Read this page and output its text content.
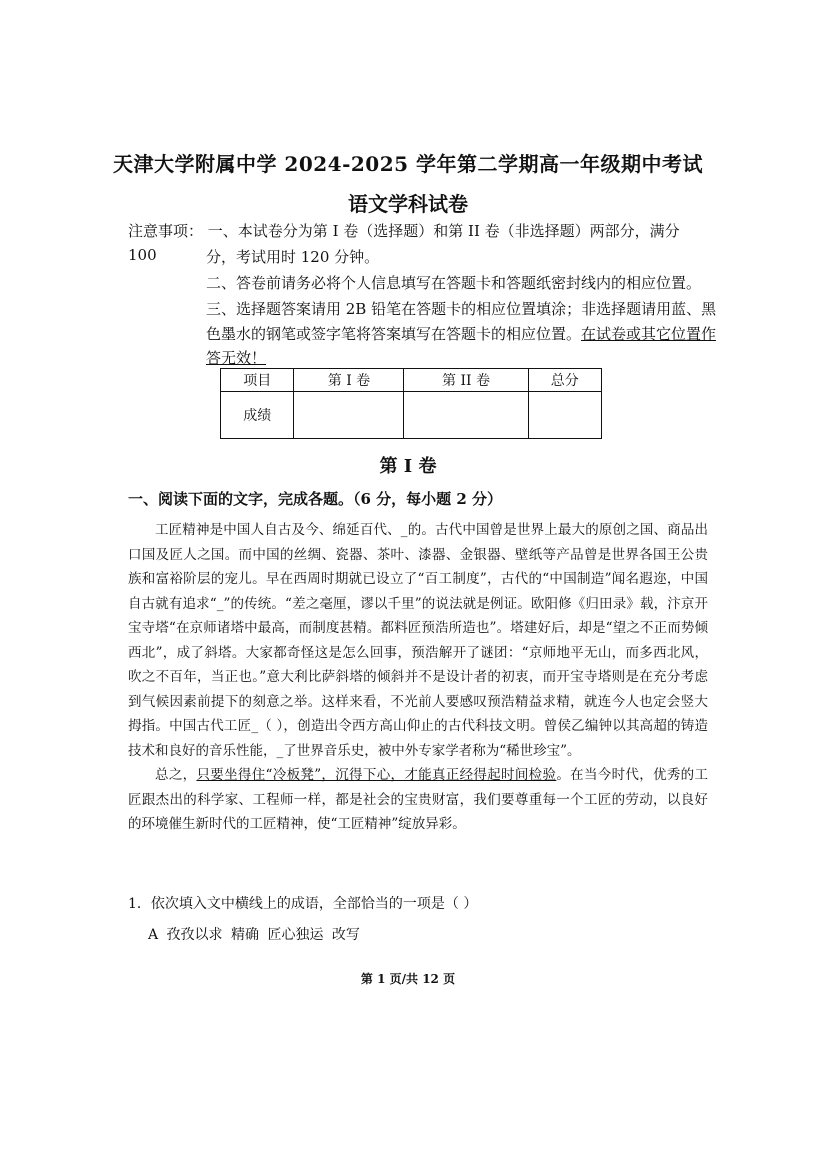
天津大学附属中学 2024-2025 学年第二学期高一年级期中考试
语文学科试卷
注意事项： 一、本试卷分为第 I 卷（选择题）和第 II 卷（非选择题）两部分，满分 100	分，考试用时 120 分钟。
二、答卷前请务必将个人信息填写在答题卡和答题纸密封线内的相应位置。
三、选择题答案请用 2B 铅笔在答题卡的相应位置填涂；非选择题请用蓝、黑
色墨水的钢笔或签字笔将答案填写在答题卡的相应位置。在试卷或其它位置作
答无效！
项目	第 I 卷	第 II 卷	总分
成绩			
第 I 卷
一、阅读下面的文字，完成各题。（6 分，每小题 2 分）

工匠精神是中国人自古及今、绵延百代、_的。古代中国曾是世界上最大的原创之国、商品出口国及匠人之国。而中国的丝绸、瓷器、茶叶、漆器、金银器、壁纸等产品曾是世界各国王公贵族和富裕阶层的宠儿。早在西周时期就已设立了“百工制度”，古代的“中国制造”闻名遐迩，中国自古就有追求“_”的传统。“差之毫厘，谬以千里”的说法就是例证。欧阳修《归田录》载，汴京开宝寺塔“在京师诸塔中最高，而制度甚精。都料匠预浩所造也”。塔建好后，却是“望之不正而势倾西北”，成了斜塔。大家都奇怪这是怎么回事，预浩解开了谜团：“京师地平无山，而多西北风，吹之不百年，当正也。”意大利比萨斜塔的倾斜并不是设计者的初衷，而开宝寺塔则是在充分考虑到气候因素前提下的刻意之举。这样来看，不光前人要感叹预浩精益求精，就连今人也定会竖大拇指。中国古代工匠_（ ），创造出令西方高山仰止的古代科技文明。曾侯乙编钟以其高超的铸造技术和良好的音乐性能，_了世界音乐史，被中外专家学者称为“稀世珍宝”。

总之，只要坐得住“冷板凳”，沉得下心，才能真正经得起时间检验。在当今时代，优秀的工匠跟杰出的科学家、工程师一样，都是社会的宝贵财富，我们要尊重每一个工匠的劳动，以良好的环境催生新时代的工匠精神，使“工匠精神”绽放异彩。

1．依次填入文中横线上的成语，全部恰当的一项是（ ）
A 孜孜以求 精确 匠心独运 改写
第 1 页/共 12 页
